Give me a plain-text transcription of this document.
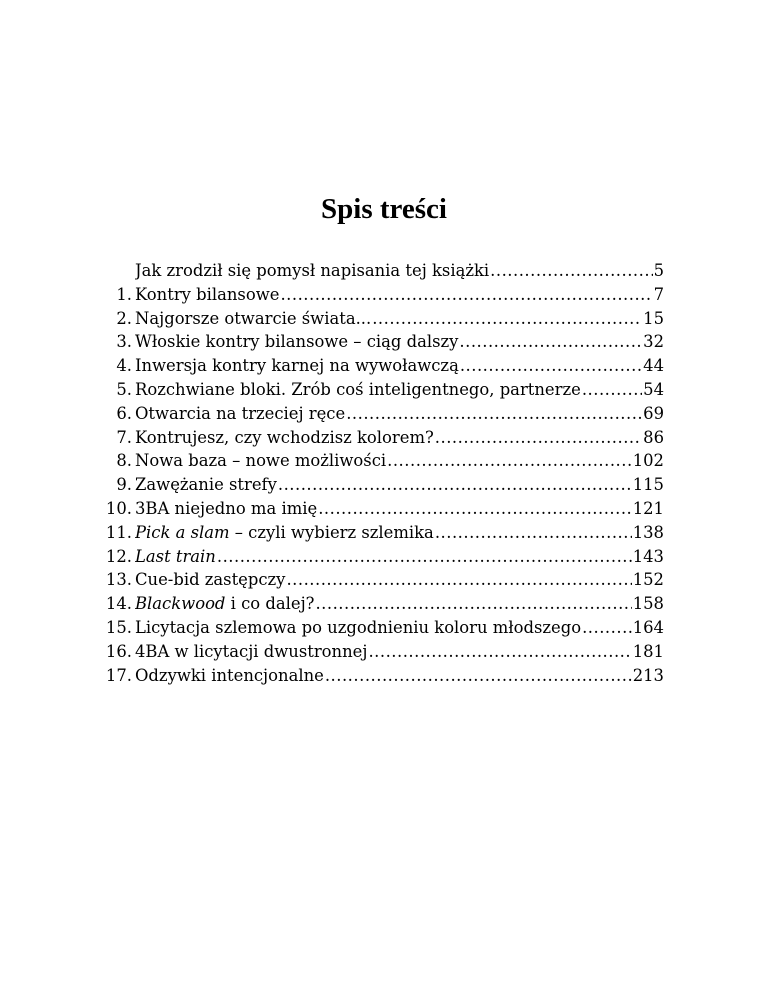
Spis treści
Jak zrodził się pomysł napisania tej książki .....	5
1. Kontry bilansowe .....	7
2. Najgorsze otwarcie świata... .....	15
3. Włoskie kontry bilansowe – ciąg dalszy .....	32
4. Inwersja kontry karnej na wywoławczą .....	44
5. Rozchwiane bloki. Zrób coś inteligentnego, partnerze .....	54
6. Otwarcia na trzeciej ręce .....	69
7. Kontrujesz, czy wchodzisz kolorem? .....	86
8. Nowa baza – nowe możliwości .....	102
9. Zawężanie strefy .....	115
10. 3BA niejedno ma imię .....	121
11. Pick a slam – czyli wybierz szlemika .....	138
12. Last train .....	143
13. Cue-bid zastępczy .....	152
14. Blackwood i co dalej? .....	158
15. Licytacja szlemowa po uzgodnieniu koloru młodszego .....	164
16. 4BA w licytacji dwustronnej .....	181
17. Odzywki intencjonalne .....	213
